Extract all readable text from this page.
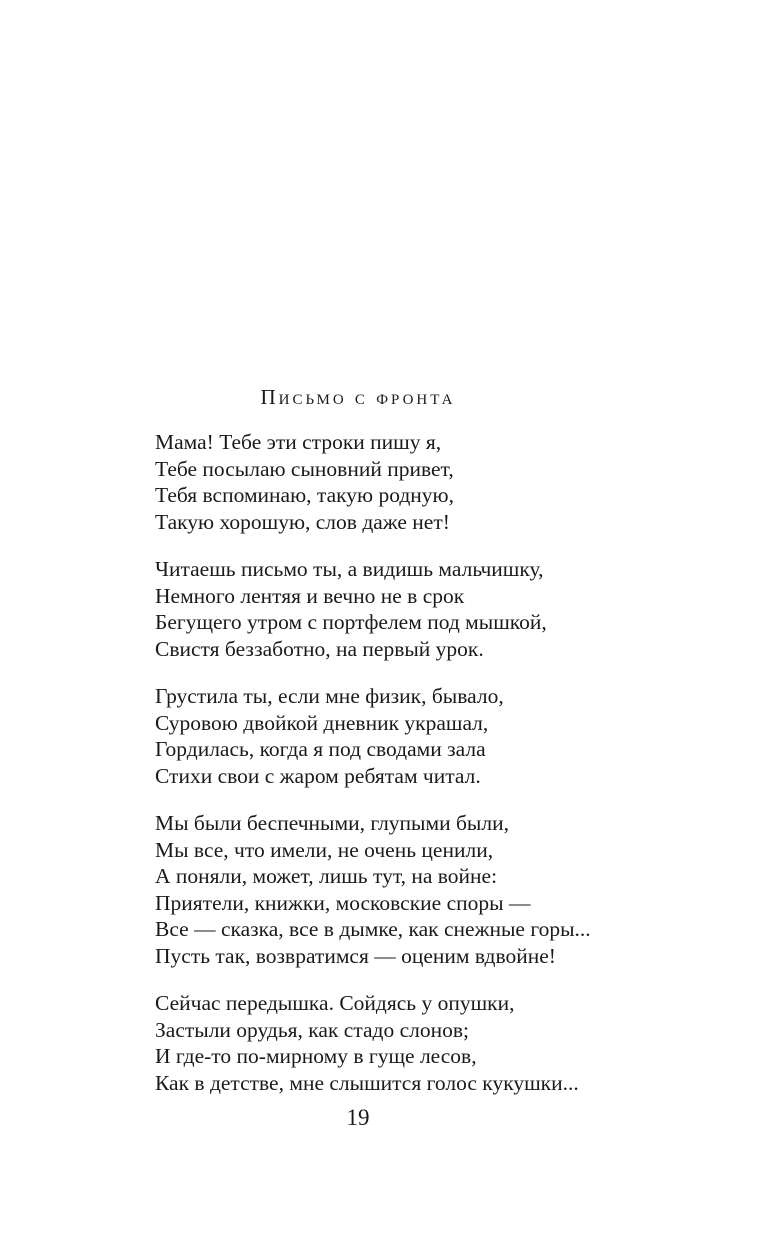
Письмо с фронта
Мама! Тебе эти строки пишу я,
Тебе посылаю сыновний привет,
Тебя вспоминаю, такую родную,
Такую хорошую, слов даже нет!
Читаешь письмо ты, а видишь мальчишку,
Немного лентяя и вечно не в срок
Бегущего утром с портфелем под мышкой,
Свистя беззаботно, на первый урок.
Грустила ты, если мне физик, бывало,
Суровою двойкой дневник украшал,
Гордилась, когда я под сводами зала
Стихи свои с жаром ребятам читал.
Мы были беспечными, глупыми были,
Мы все, что имели, не очень ценили,
А поняли, может, лишь тут, на войне:
Приятели, книжки, московские споры —
Все — сказка, все в дымке, как снежные горы...
Пусть так, возвратимся — оценим вдвойне!
Сейчас передышка. Сойдясь у опушки,
Застыли орудья, как стадо слонов;
И где-то по-мирному в гуще лесов,
Как в детстве, мне слышится голос кукушки...
19
